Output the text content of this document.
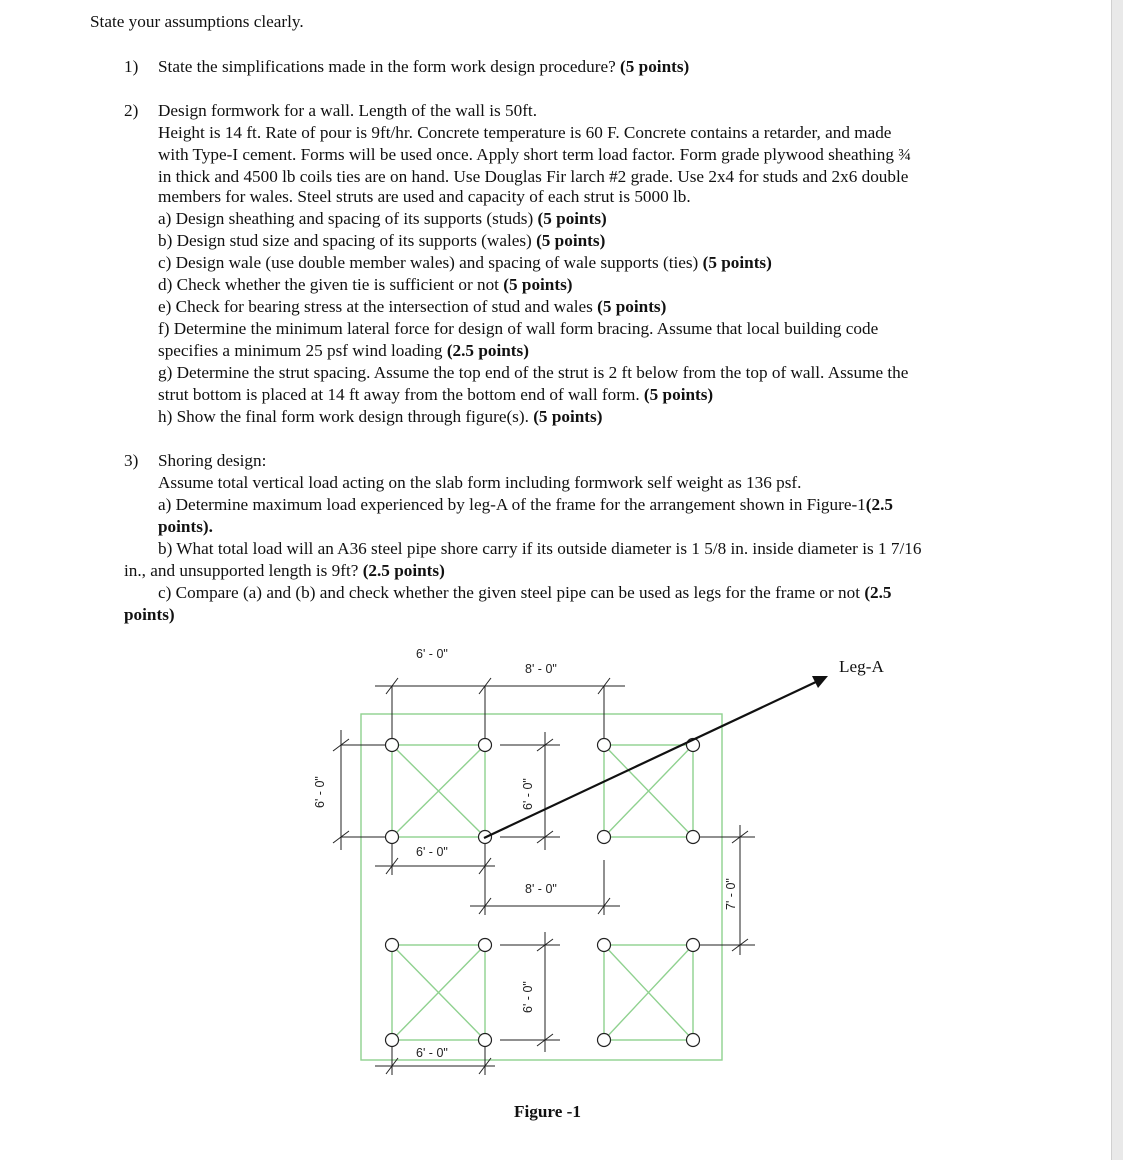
State your assumptions clearly.

1) State the simplifications made in the form work design procedure? (5 points)

2) Design formwork for a wall. Length of the wall is 50ft.

Height is 14 ft. Rate of pour is 9ft/hr. Concrete temperature is 60 F. Concrete contains a retarder, and made

with Type-I cement. Forms will be used once. Apply short term load factor. Form grade plywood sheathing ¾

in thick and 4500 lb coils ties are on hand. Use Douglas Fir larch #2 grade. Use 2x4 for studs and 2x6 double

members for wales. Steel struts are used and capacity of each strut is 5000 lb.

a) Design sheathing and spacing of its supports (studs) (5 points)

b) Design stud size and spacing of its supports (wales) (5 points)

c) Design wale (use double member wales) and spacing of wale supports (ties) (5 points)

d) Check whether the given tie is sufficient or not (5 points)

e) Check for bearing stress at the intersection of stud and wales (5 points)

f) Determine the minimum lateral force for design of wall form bracing. Assume that local building code

specifies a minimum 25 psf wind loading (2.5 points)

g) Determine the strut spacing. Assume the top end of the strut is 2 ft below from the top of wall. Assume the

strut bottom is placed at 14 ft away from the bottom end of wall form. (5 points)

h) Show the final form work design through figure(s). (5 points)

3) Shoring design:

Assume total vertical load acting on the slab form including formwork self weight as 136 psf.

a) Determine maximum load experienced by leg-A of the frame for the arrangement shown in Figure-1(2.5

points).

b) What total load will an A36 steel pipe shore carry if its outside diameter is 1 5/8 in. inside diameter is 1 7/16

in., and unsupported length is 9ft? (2.5 points)

c) Compare (a) and (b) and check whether the given steel pipe can be used as legs for the frame or not (2.5

points)

6' - 0"
8' - 0"
6' - 0"
6' - 0"
6' - 0"
8' - 0"	7' - 0"
6' - 0"
6' - 0"
Leg-A
Figure -1
